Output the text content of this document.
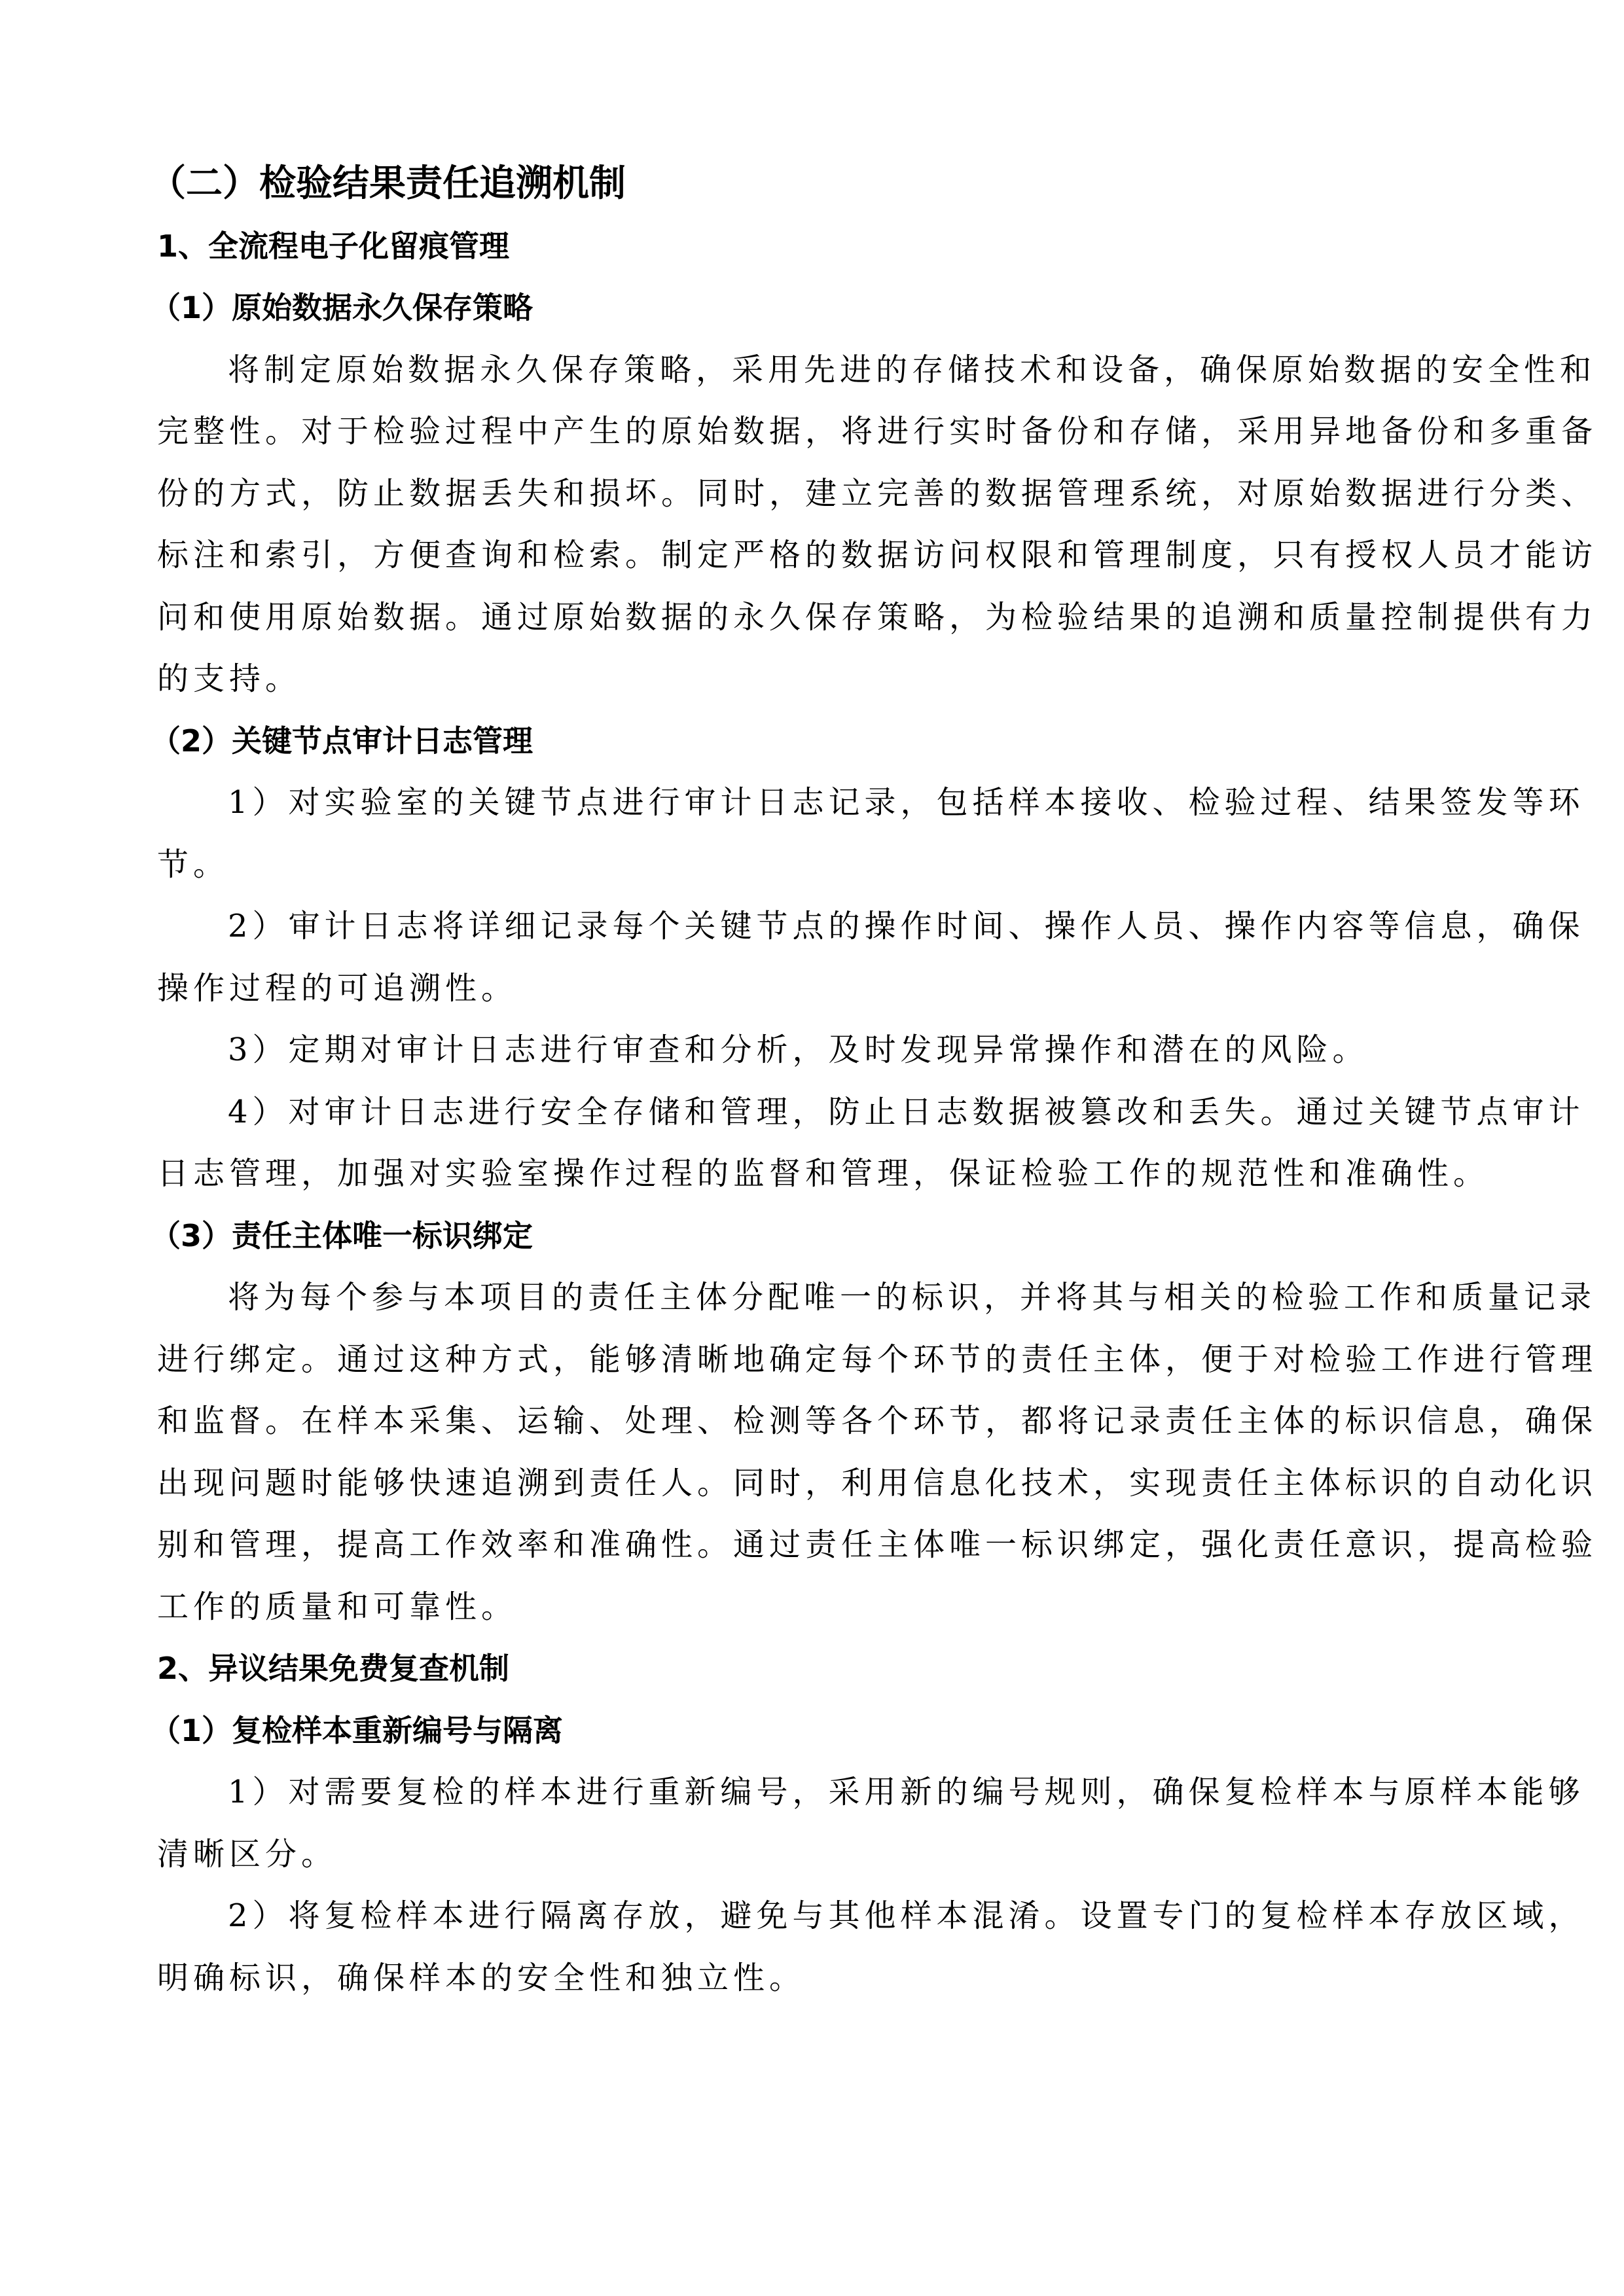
（二）检验结果责任追溯机制
1、全流程电子化留痕管理
（1）原始数据永久保存策略
将制定原始数据永久保存策略，采用先进的存储技术和设备，确保原始数据的安全性和
完整性。对于检验过程中产生的原始数据，将进行实时备份和存储，采用异地备份和多重备
份的方式，防止数据丢失和损坏。同时，建立完善的数据管理系统，对原始数据进行分类、
标注和索引，方便查询和检索。制定严格的数据访问权限和管理制度，只有授权人员才能访
问和使用原始数据。通过原始数据的永久保存策略，为检验结果的追溯和质量控制提供有力
的支持。
（2）关键节点审计日志管理
1）对实验室的关键节点进行审计日志记录，包括样本接收、检验过程、结果签发等环
节。
2）审计日志将详细记录每个关键节点的操作时间、操作人员、操作内容等信息，确保
操作过程的可追溯性。
3）定期对审计日志进行审查和分析，及时发现异常操作和潜在的风险。
4）对审计日志进行安全存储和管理，防止日志数据被篡改和丢失。通过关键节点审计
日志管理，加强对实验室操作过程的监督和管理，保证检验工作的规范性和准确性。
（3）责任主体唯一标识绑定
将为每个参与本项目的责任主体分配唯一的标识，并将其与相关的检验工作和质量记录
进行绑定。通过这种方式，能够清晰地确定每个环节的责任主体，便于对检验工作进行管理
和监督。在样本采集、运输、处理、检测等各个环节，都将记录责任主体的标识信息，确保
出现问题时能够快速追溯到责任人。同时，利用信息化技术，实现责任主体标识的自动化识
别和管理，提高工作效率和准确性。通过责任主体唯一标识绑定，强化责任意识，提高检验
工作的质量和可靠性。
2、异议结果免费复查机制
（1）复检样本重新编号与隔离
1）对需要复检的样本进行重新编号，采用新的编号规则，确保复检样本与原样本能够
清晰区分。
2）将复检样本进行隔离存放，避免与其他样本混淆。设置专门的复检样本存放区域，
明确标识，确保样本的安全性和独立性。
